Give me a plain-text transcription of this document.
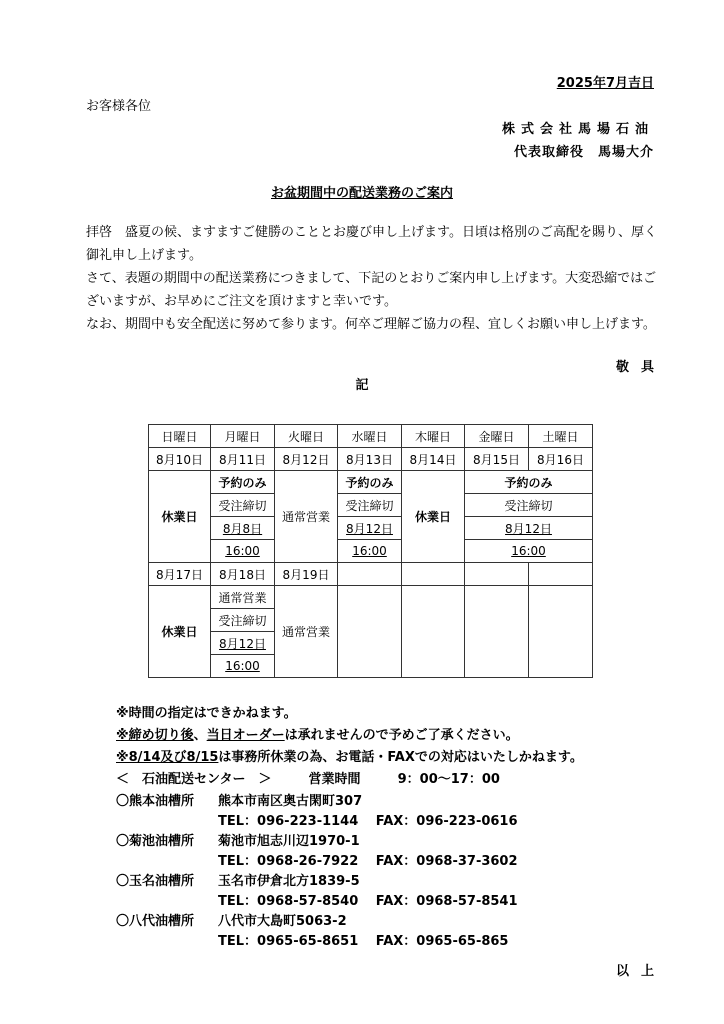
2025年7月吉日
お客様各位
株式会社馬場石油
代表取締役　馬場大介
お盆期間中の配送業務のご案内
拝啓　盛夏の候、ますますご健勝のこととお慶び申し上げます。日頃は格別のご高配を賜り、厚く御礼申し上げます。
さて、表題の期間中の配送業務につきまして、下記のとおりご案内申し上げます。大変恐縮ではございますが、お早めにご注文を頂けますと幸いです。
なお、期間中も安全配送に努めて参ります。何卒ご理解ご協力の程、宜しくお願い申し上げます。
敬具
記
日曜日	月曜日	火曜日	水曜日	木曜日	金曜日	土曜日
8月10日	8月11日	8月12日	8月13日	8月14日	8月15日	8月16日
休業日	予約のみ	通常営業	予約のみ	休業日	予約のみ	
	受注締切		受注締切		受注締切	
	8月8日		8月12日		8月12日	
	16:00		16:00		16:00	
8月17日	8月18日	8月19日				
休業日	通常営業	通常営業				
	受注締切					
	8月12日					
	16:00					
※時間の指定はできかねます。
※締め切り後、当日オーダーは承れませんので予めご了承ください。
※8/14及び8/15は事務所休業の為、お電話・FAXでの対応はいたしかねます。
＜　石油配送センター　＞	営業時間	9：00～17：00
〇熊本油槽所 熊本市南区奥古閑町307
TEL：096-223-1144　 FAX：096-223-0616
〇菊池油槽所 菊池市旭志川辺1970-1
TEL：0968-26-7922　 FAX：0968-37-3602
〇玉名油槽所 玉名市伊倉北方1839-5
TEL：0968-57-8540　 FAX：0968-57-8541
〇八代油槽所 八代市大島町5063-2
TEL：0965-65-8651　 FAX：0965-65-865
以上
